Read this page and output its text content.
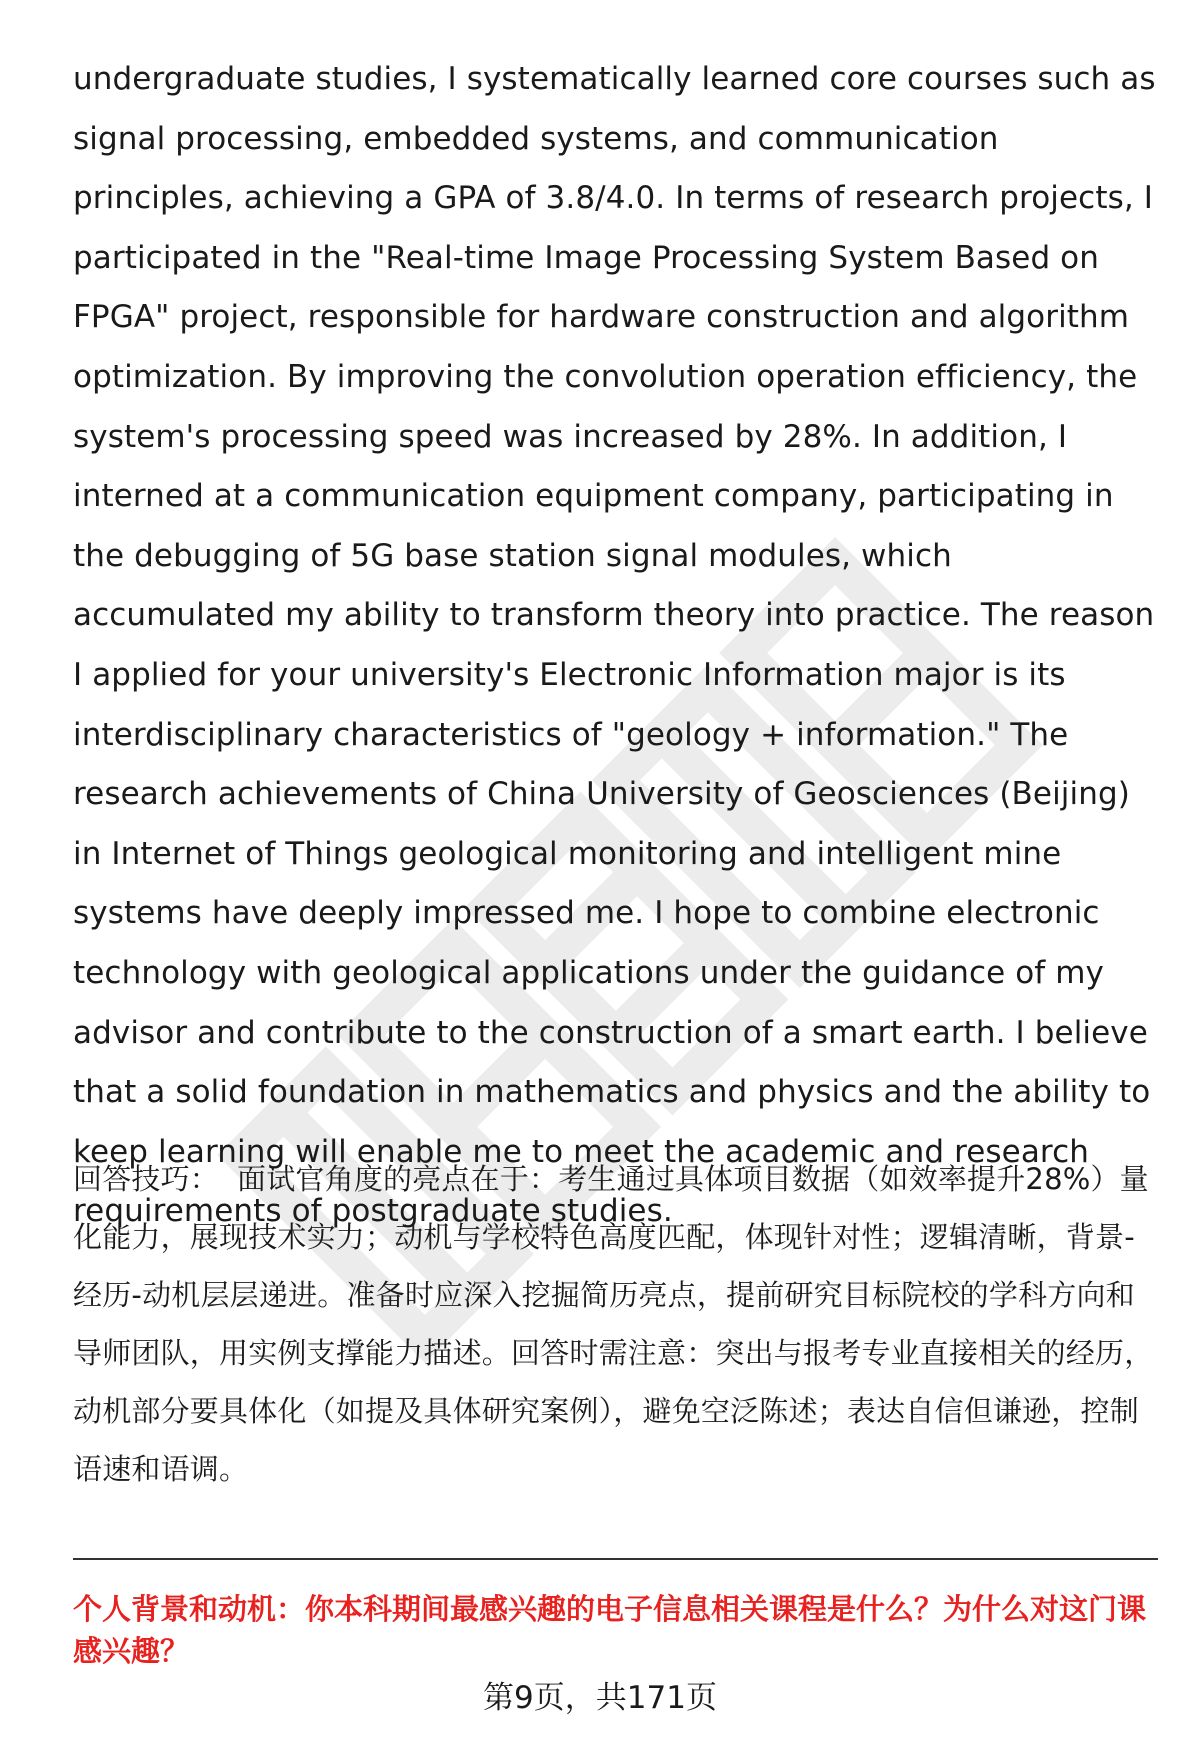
undergraduate studies, I systematically learned core courses such as signal processing, embedded systems, and communication principles, achieving a GPA of 3.8/4.0. In terms of research projects, I participated in the "Real-time Image Processing System Based on FPGA" project, responsible for hardware construction and algorithm optimization. By improving the convolution operation efficiency, the system's processing speed was increased by 28%. In addition, I interned at a communication equipment company, participating in the debugging of 5G base station signal modules, which accumulated my ability to transform theory into practice. The reason I applied for your university's Electronic Information major is its interdisciplinary characteristics of "geology + information." The research achievements of China University of Geosciences (Beijing) in Internet of Things geological monitoring and intelligent mine systems have deeply impressed me. I hope to combine electronic technology with geological applications under the guidance of my advisor and contribute to the construction of a smart earth. I believe that a solid foundation in mathematics and physics and the ability to keep learning will enable me to meet the academic and research requirements of postgraduate studies.

回答技巧： 面试官角度的亮点在于：考生通过具体项目数据（如效率提升28%）量化能力，展现技术实力；动机与学校特色高度匹配，体现针对性；逻辑清晰，背景-经历-动机层层递进。准备时应深入挖掘简历亮点，提前研究目标院校的学科方向和导师团队，用实例支撑能力描述。回答时需注意：突出与报考专业直接相关的经历，动机部分要具体化（如提及具体研究案例），避免空泛陈述；表达自信但谦逊，控制语速和语调。

个人背景和动机：你本科期间最感兴趣的电子信息相关课程是什么？为什么对这门课感兴趣？

第9页，共171页
